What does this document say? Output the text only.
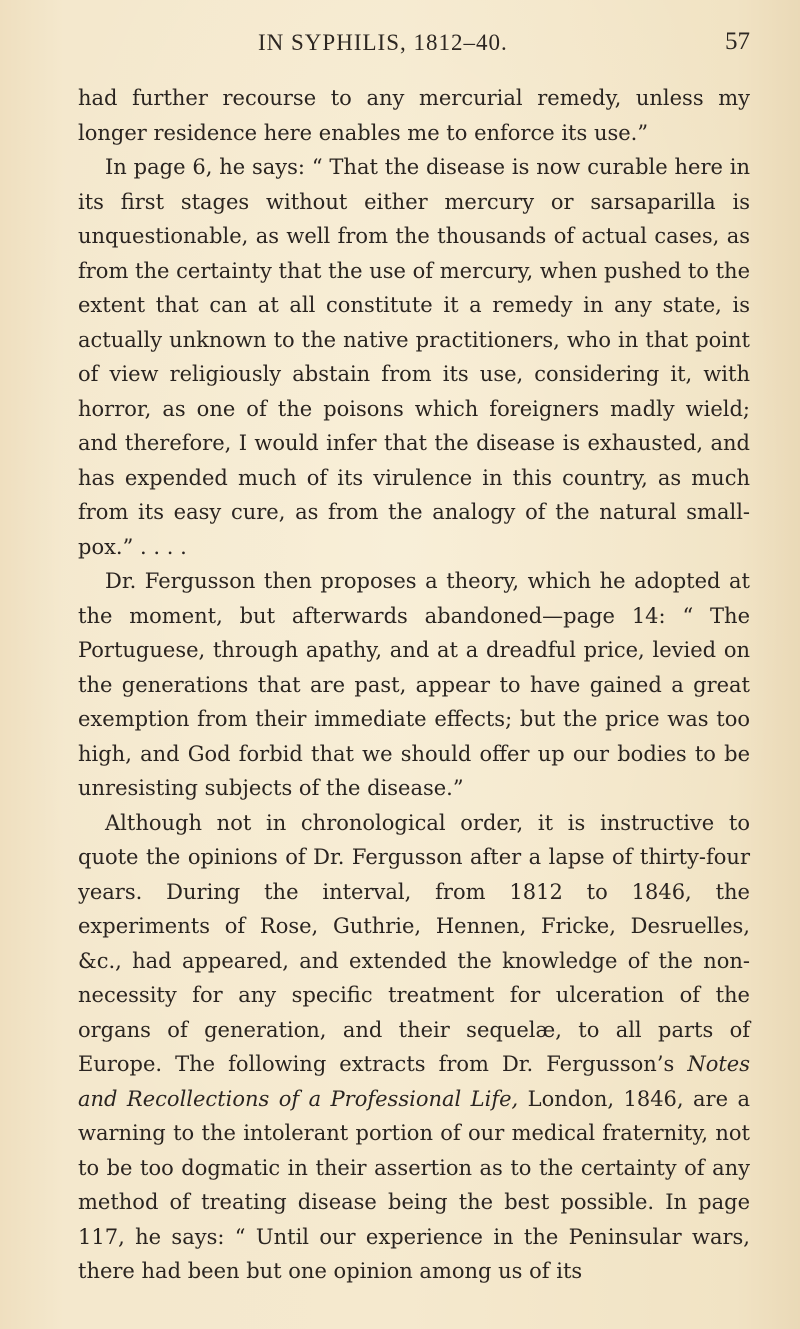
IN SYPHILIS, 1812–40.	57

had further recourse to any mercurial remedy, unless my longer residence here enables me to enforce its use.”

In page 6, he says: “ That the disease is now curable here in its first stages without either mercury or sarsaparilla is unquestionable, as well from the thousands of actual cases, as from the certainty that the use of mercury, when pushed to the extent that can at all constitute it a remedy in any state, is actually unknown to the native practitioners, who in that point of view religiously abstain from its use, considering it, with horror, as one of the poisons which foreigners madly wield; and therefore, I would infer that the disease is exhausted, and has expended much of its virulence in this country, as much from its easy cure, as from the analogy of the natural small-pox.” . . . .

Dr. Fergusson then proposes a theory, which he adopted at the moment, but afterwards abandoned—page 14: “ The Portuguese, through apathy, and at a dreadful price, levied on the generations that are past, appear to have gained a great exemption from their immediate effects; but the price was too high, and God forbid that we should offer up our bodies to be unresisting subjects of the disease.”

Although not in chronological order, it is instructive to quote the opinions of Dr. Fergusson after a lapse of thirty-four years. During the interval, from 1812 to 1846, the experiments of Rose, Guthrie, Hennen, Fricke, Desruelles, &c., had appeared, and extended the knowledge of the non-necessity for any specific treatment for ulceration of the organs of generation, and their sequelæ, to all parts of Europe. The following extracts from Dr. Fergusson’s Notes and Recollections of a Professional Life, London, 1846, are a warning to the intolerant portion of our medical fraternity, not to be too dogmatic in their assertion as to the certainty of any method of treating disease being the best possible. In page 117, he says: “ Until our experience in the Peninsular wars, there had been but one opinion among us of its
